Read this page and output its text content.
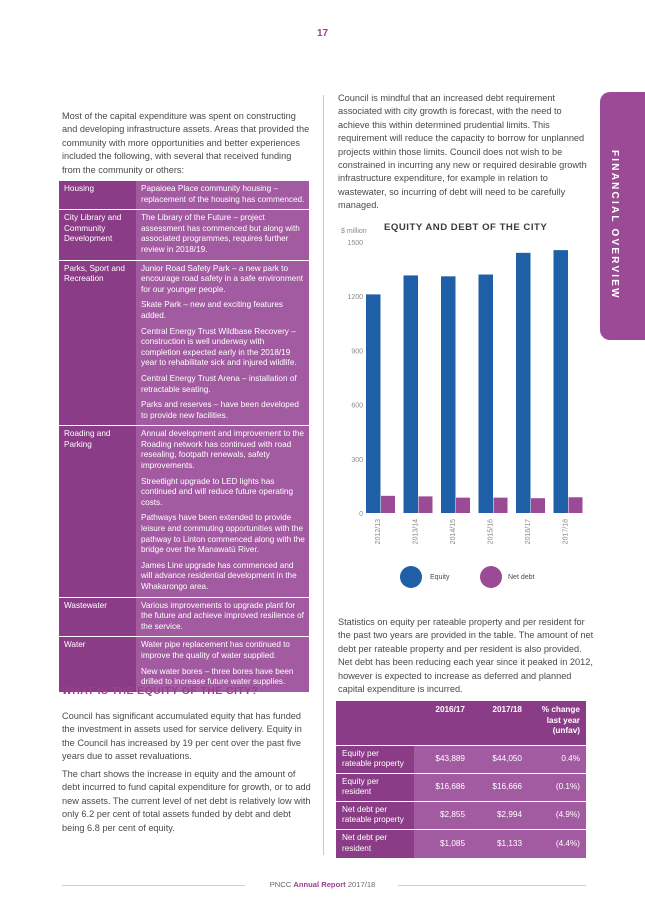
17
FINANCIAL OVERVIEW

Most of the capital expenditure was spent on constructing and developing infrastructure assets. Areas that provided the community with more opportunities and better experiences included the following, with several that received funding from the community or others:

Housing	Papaioea Place community housing – replacement of the housing has commenced.

City Library and Community Development	The Library of the Future – project assessment has commenced but along with associated programmes, requires further review in 2018/19.

Parks, Sport and Recreation	Junior Road Safety Park – a new park to encourage road safety in a safe environment for our younger people.
Skate Park – new and exciting features added.
Central Energy Trust Wildbase Recovery – construction is well underway with completion expected early in the 2018/19 year to rehabilitate sick and injured wildlife.
Central Energy Trust Arena – installation of retractable seating.
Parks and reserves – have been developed to provide new facilities.

Roading and Parking	Annual development and improvement to the Roading network has continued with road resealing, footpath renewals, safety improvements.
Streetlight upgrade to LED lights has continued and will reduce future operating costs.
Pathways have been extended to provide leisure and commuting opportunities with the pathway to Linton commenced along with the bridge over the Manawatū River.
James Line upgrade has commenced and will advance residential development in the Whakarongo area.

Wastewater	Various improvements to upgrade plant for the future and achieve improved resilience of the service.

Water	Water pipe replacement has continued to improve the quality of water supplied.
New water bores – three bores have been drilled to increase future water supplies.
WHAT IS THE EQUITY OF THE CITY?

Council has significant accumulated equity that has funded the investment in assets used for service delivery. Equity in the Council has increased by 19 per cent over the past five years due to asset revaluations.

The chart shows the increase in equity and the amount of debt incurred to fund capital expenditure for growth, or to add new assets. The current level of net debt is relatively low with only 6.2 per cent of total assets funded by debt and debt being 6.8 per cent of equity.

Council is mindful that an increased debt requirement associated with city growth is forecast, with the need to achieve this within determined prudential limits. This requirement will reduce the capacity to borrow for unplanned projects within those limits. Council does not wish to be constrained in incurring any new or required desirable growth infrastructure expenditure, for example in relation to wastewater, so incurring of debt will need to be carefully managed.

$ million EQUITY AND DEBT OF THE CITY
0
300
600
900
1200
1500
2012/13	2013/14	2014/15	2015/16	2016/17	2017/18
Equity	Net debt

Statistics on equity per rateable property and per resident for the past two years are provided in the table. The amount of net debt per rateable property and per resident is also provided. Net debt has been reducing each year since it peaked in 2012, however is expected to increase as deferred and planned capital expenditure is incurred.

	2016/17	2017/18	% change last year (unfav)
Equity per rateable property	$43,889	$44,050	0.4%
Equity per resident	$16,686	$16,666	(0.1%)
Net debt per rateable property	$2,855	$2,994	(4.9%)
Net debt per resident	$1,085	$1,133	(4.4%)
PNCC Annual Report 2017/18
